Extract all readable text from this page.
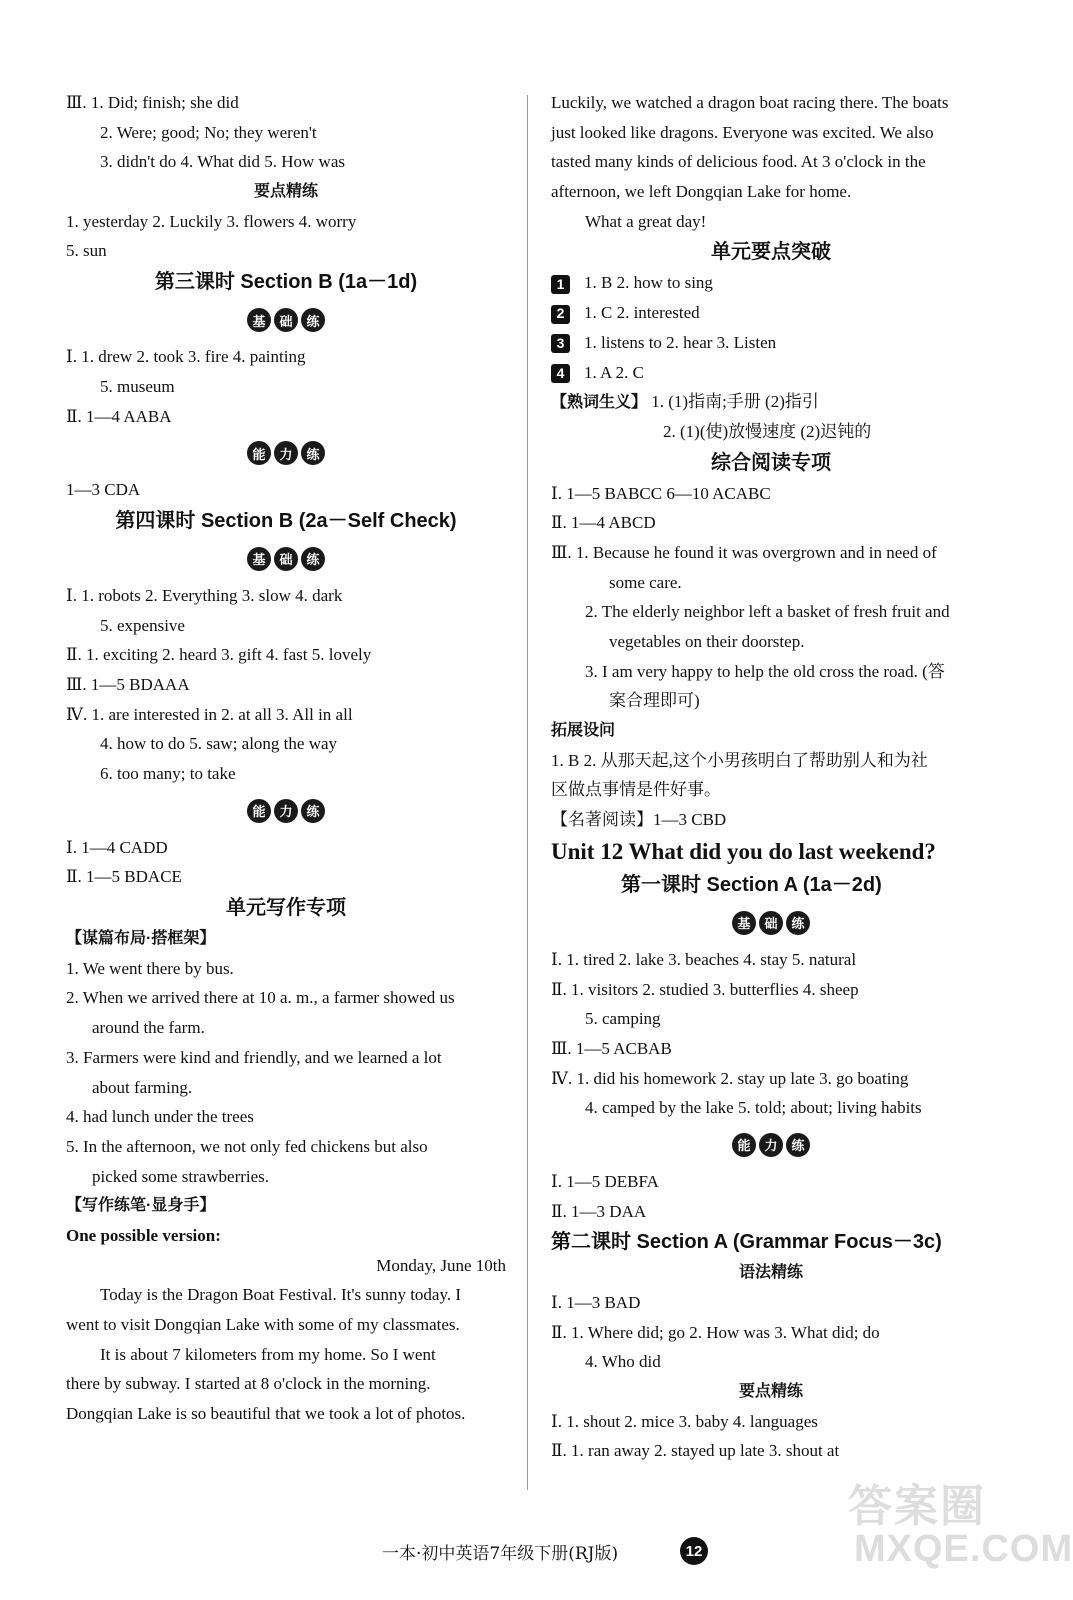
Ⅲ. 1. Did; finish; she did
2. Were; good; No; they weren't
3. didn't do 4. What did 5. How was
要点精练
1. yesterday 2. Luckily 3. flowers 4. worry
5. sun
第三课时 Section B (1a－1d)
基	础	练
Ⅰ. 1. drew 2. took 3. fire 4. painting
5. museum
Ⅱ. 1—4 AABA
能	力	练
1—3 CDA
第四课时 Section B (2a－Self Check)
基	础	练
Ⅰ. 1. robots 2. Everything 3. slow 4. dark
5. expensive
Ⅱ. 1. exciting 2. heard 3. gift 4. fast 5. lovely
Ⅲ. 1—5 BDAAA
Ⅳ. 1. are interested in 2. at all 3. All in all
4. how to do 5. saw; along the way
6. too many; to take
能	力	练
Ⅰ. 1—4 CADD
Ⅱ. 1—5 BDACE
单元写作专项
【谋篇布局·搭框架】
1. We went there by bus.
2. When we arrived there at 10 a. m., a farmer showed us
around the farm.
3. Farmers were kind and friendly, and we learned a lot
about farming.
4. had lunch under the trees
5. In the afternoon, we not only fed chickens but also
picked some strawberries.
【写作练笔·显身手】
One possible version:
Monday, June 10th
Today is the Dragon Boat Festival. It's sunny today. I
went to visit Dongqian Lake with some of my classmates.
It is about 7 kilometers from my home. So I went
there by subway. I started at 8 o'clock in the morning.
Dongqian Lake is so beautiful that we took a lot of photos.
Luckily, we watched a dragon boat racing there. The boats
just looked like dragons. Everyone was excited. We also
tasted many kinds of delicious food. At 3 o'clock in the
afternoon, we left Dongqian Lake for home.
What a great day!
单元要点突破
1 1. B 2. how to sing
2 1. C 2. interested
3 1. listens to 2. hear 3. Listen
4 1. A 2. C
【熟词生义】 1. (1)指南;手册 (2)指引
2. (1)(使)放慢速度 (2)迟钝的
综合阅读专项
Ⅰ. 1—5 BABCC 6—10 ACABC
Ⅱ. 1—4 ABCD
Ⅲ. 1. Because he found it was overgrown and in need of
some care.
2. The elderly neighbor left a basket of fresh fruit and
vegetables on their doorstep.
3. I am very happy to help the old cross the road. (答
案合理即可)
拓展设问
1. B 2. 从那天起,这个小男孩明白了帮助别人和为社
区做点事情是件好事。
【名著阅读】1—3 CBD
Unit 12 What did you do last weekend?
第一课时 Section A (1a－2d)
基	础	练
Ⅰ. 1. tired 2. lake 3. beaches 4. stay 5. natural
Ⅱ. 1. visitors 2. studied 3. butterflies 4. sheep
5. camping
Ⅲ. 1—5 ACBAB
Ⅳ. 1. did his homework 2. stay up late 3. go boating
4. camped by the lake 5. told; about; living habits
能	力	练
Ⅰ. 1—5 DEBFA
Ⅱ. 1—3 DAA
第二课时 Section A (Grammar Focus－3c)
语法精练
Ⅰ. 1—3 BAD
Ⅱ. 1. Where did; go 2. How was 3. What did; do
4. Who did
要点精练
Ⅰ. 1. shout 2. mice 3. baby 4. languages
Ⅱ. 1. ran away 2. stayed up late 3. shout at
一本·初中英语7年级下册(RJ版)	12
答案圈
MXQE.COM
